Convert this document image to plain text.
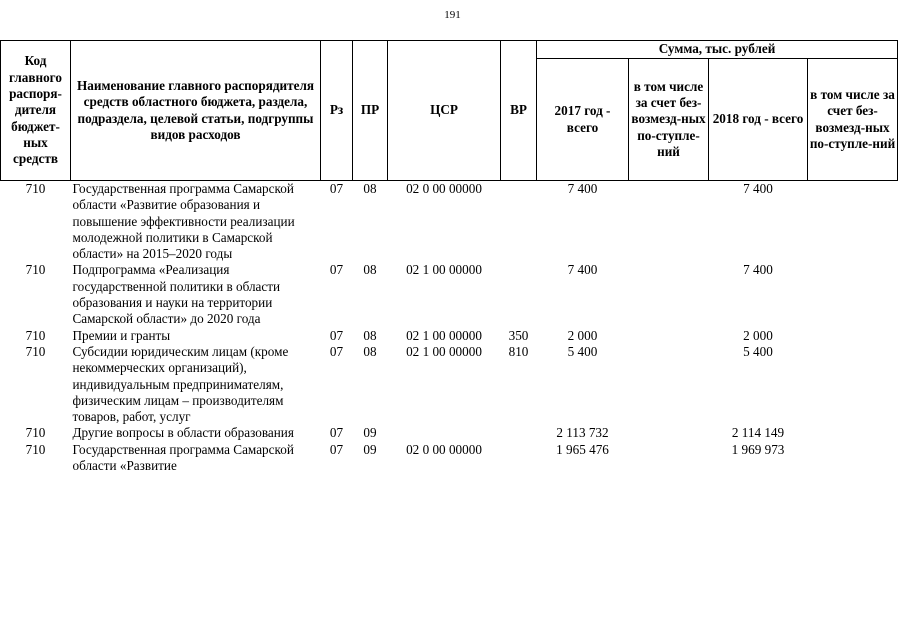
191
Код главного распоря-дителя бюджет-ных средств	Наименование главного распорядителя средств областного бюджета, раздела, подраздела, целевой статьи, подгруппы видов расходов	Рз	ПР	ЦСР	ВР	Сумма, тыс. рублей			
						2017 год - всего	в том числе за счет без-возмезд-ных по-ступле-ний	2018 год - всего	в том числе за счет без-возмезд-ных по-ступле-ний
710	Государственная программа Самарской области «Развитие образования и повышение эффективности реализации молодежной политики в Самарской области» на 2015–2020 годы	07	08	02 0 00 00000		7 400		7 400	
710	Подпрограмма «Реализация государственной политики в области образования и науки на территории Самарской области» до 2020 года	07	08	02 1 00 00000		7 400		7 400	
710	Премии и гранты	07	08	02 1 00 00000	350	2 000		2 000	
710	Субсидии юридическим лицам (кроме некоммерческих организаций), индивидуальным предпринимателям, физическим лицам – производителям товаров, работ, услуг	07	08	02 1 00 00000	810	5 400		5 400	
710	Другие вопросы в области образования	07	09			2 113 732		2 114 149	
710	Государственная программа Самарской области «Развитие	07	09	02 0 00 00000		1 965 476		1 969 973	
